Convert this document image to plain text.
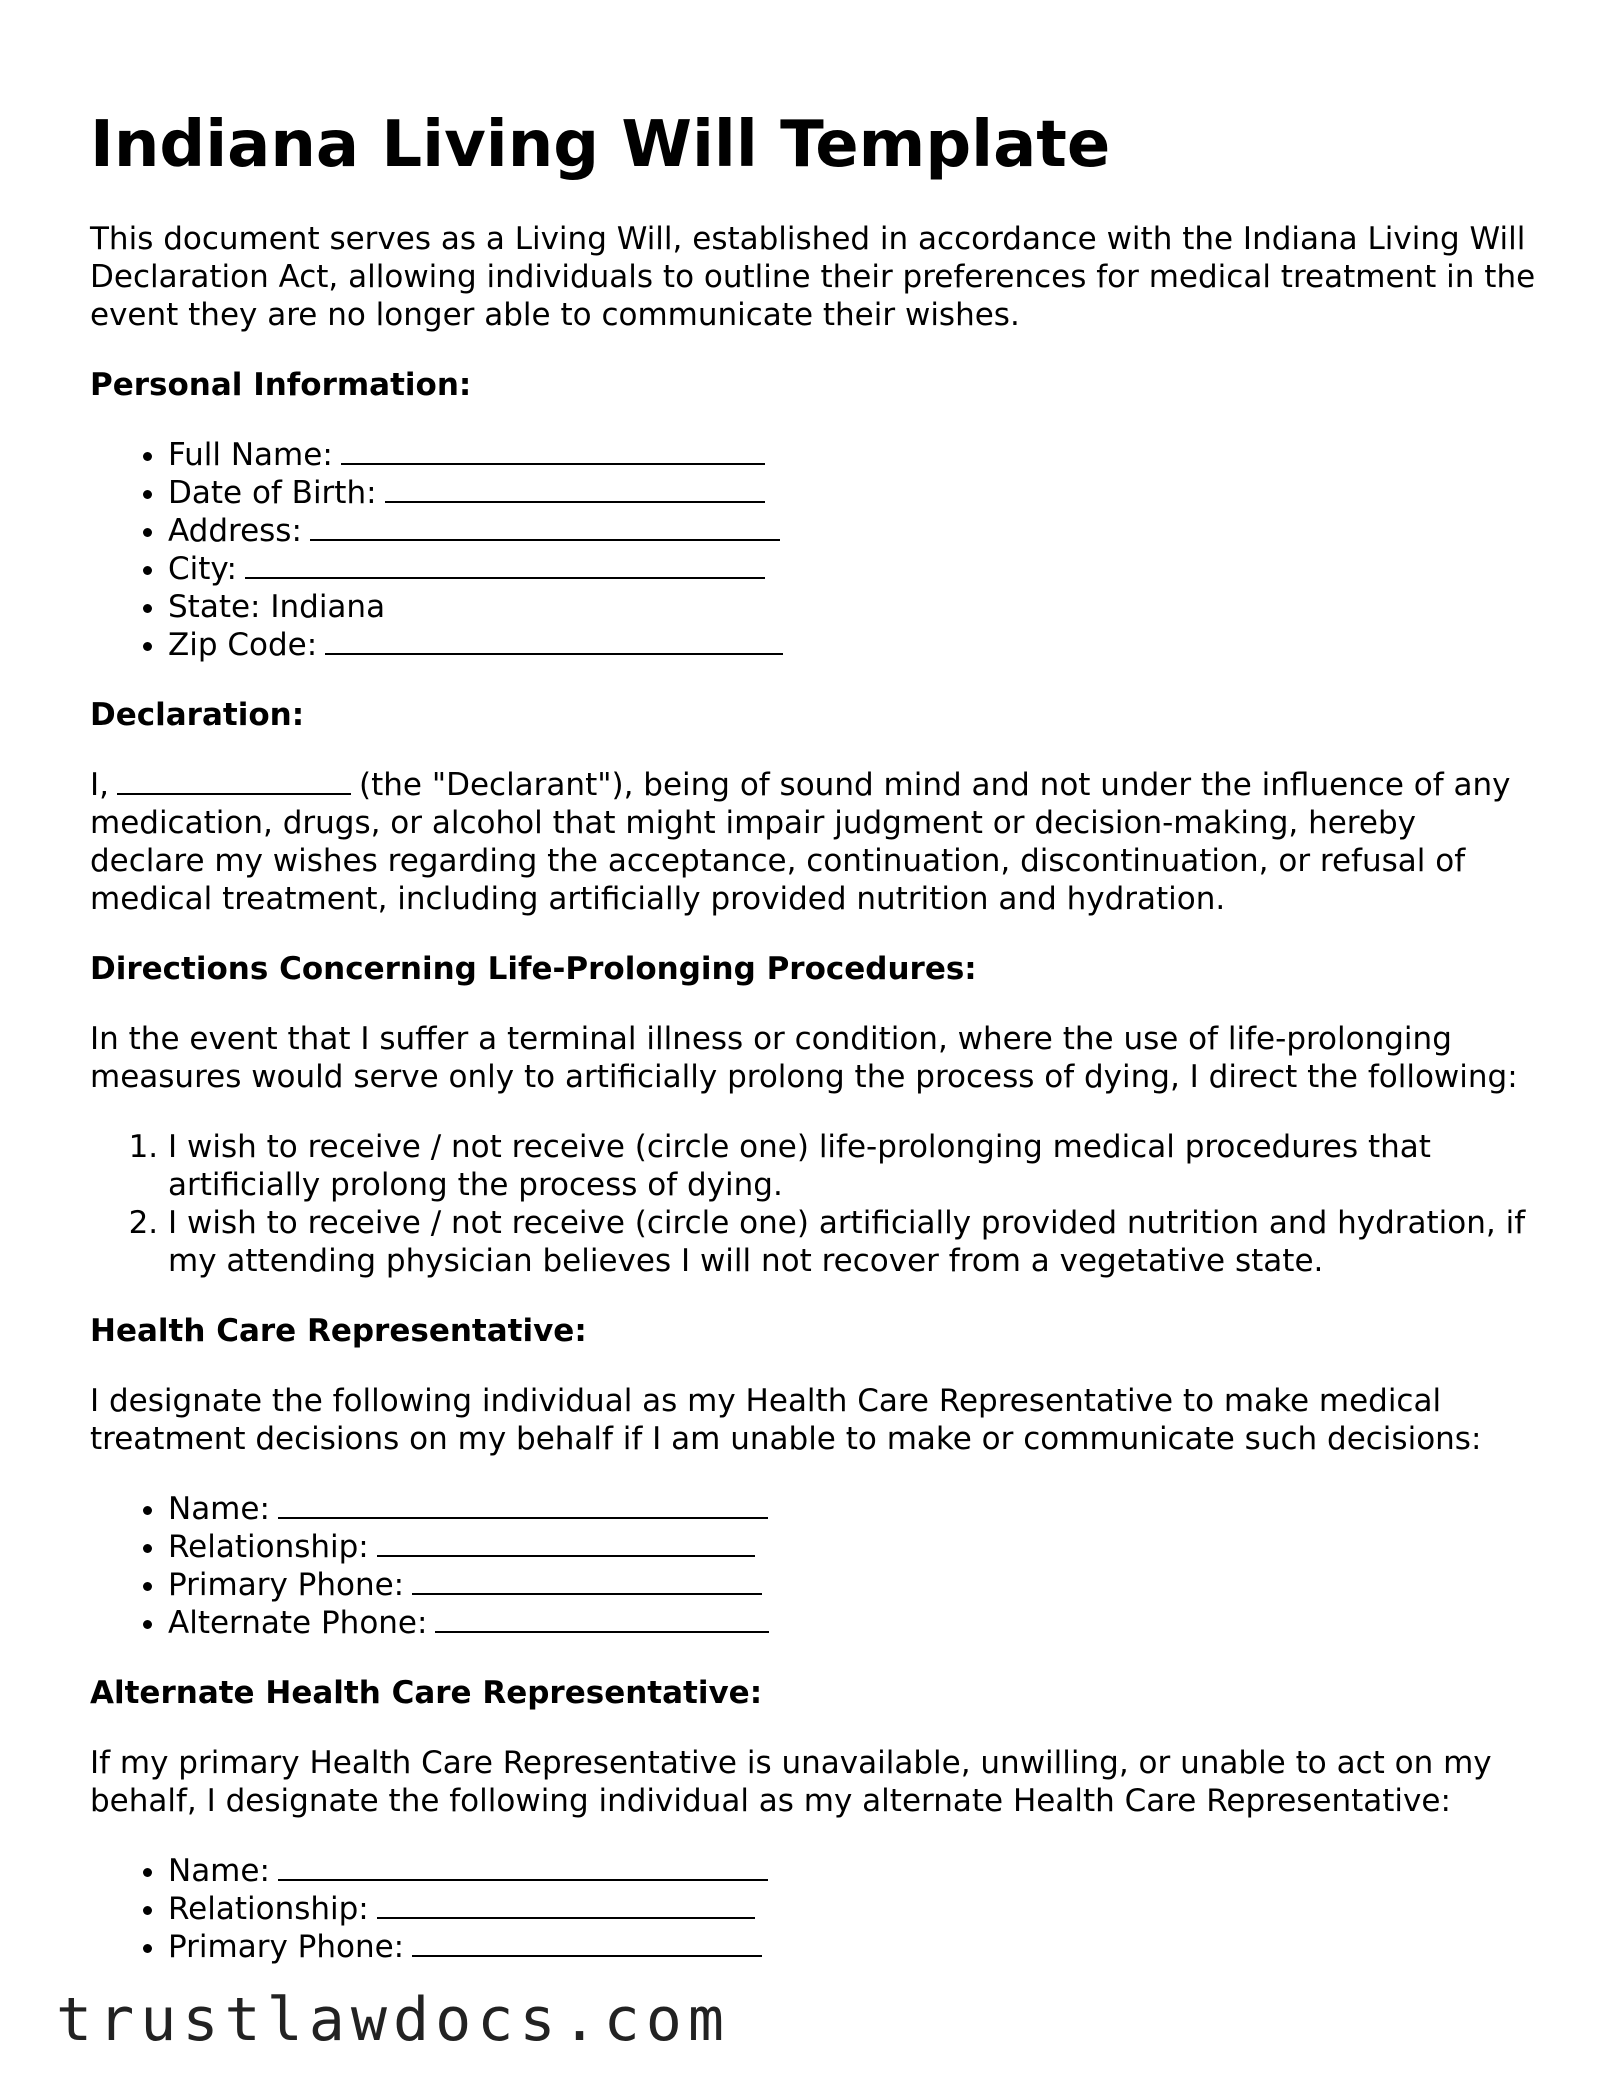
Indiana Living Will Template

This document serves as a Living Will, established in accordance with the Indiana Living Will Declaration Act, allowing individuals to outline their preferences for medical treatment in the event they are no longer able to communicate their wishes.

Personal Information:
• Full Name:
• Date of Birth:
• Address:
• City:
• State: Indiana
• Zip Code:
Declaration:

I,	(the "Declarant"), being of sound mind and not under the influence of any medication, drugs, or alcohol that might impair judgment or decision-making, hereby declare my wishes regarding the acceptance, continuation, discontinuation, or refusal of medical treatment, including artificially provided nutrition and hydration.

Directions Concerning Life-Prolonging Procedures:

In the event that I suffer a terminal illness or condition, where the use of life-prolonging measures would serve only to artificially prolong the process of dying, I direct the following:

1. I wish to receive / not receive (circle one) life-prolonging medical procedures that artificially prolong the process of dying.
2. I wish to receive / not receive (circle one) artificially provided nutrition and hydration, if my attending physician believes I will not recover from a vegetative state.
Health Care Representative:

I designate the following individual as my Health Care Representative to make medical treatment decisions on my behalf if I am unable to make or communicate such decisions:

• Name:
• Relationship:
• Primary Phone:
• Alternate Phone:
Alternate Health Care Representative:

If my primary Health Care Representative is unavailable, unwilling, or unable to act on my behalf, I designate the following individual as my alternate Health Care Representative:

• Name:
• Relationship:
• Primary Phone:
trustlawdocs.com
